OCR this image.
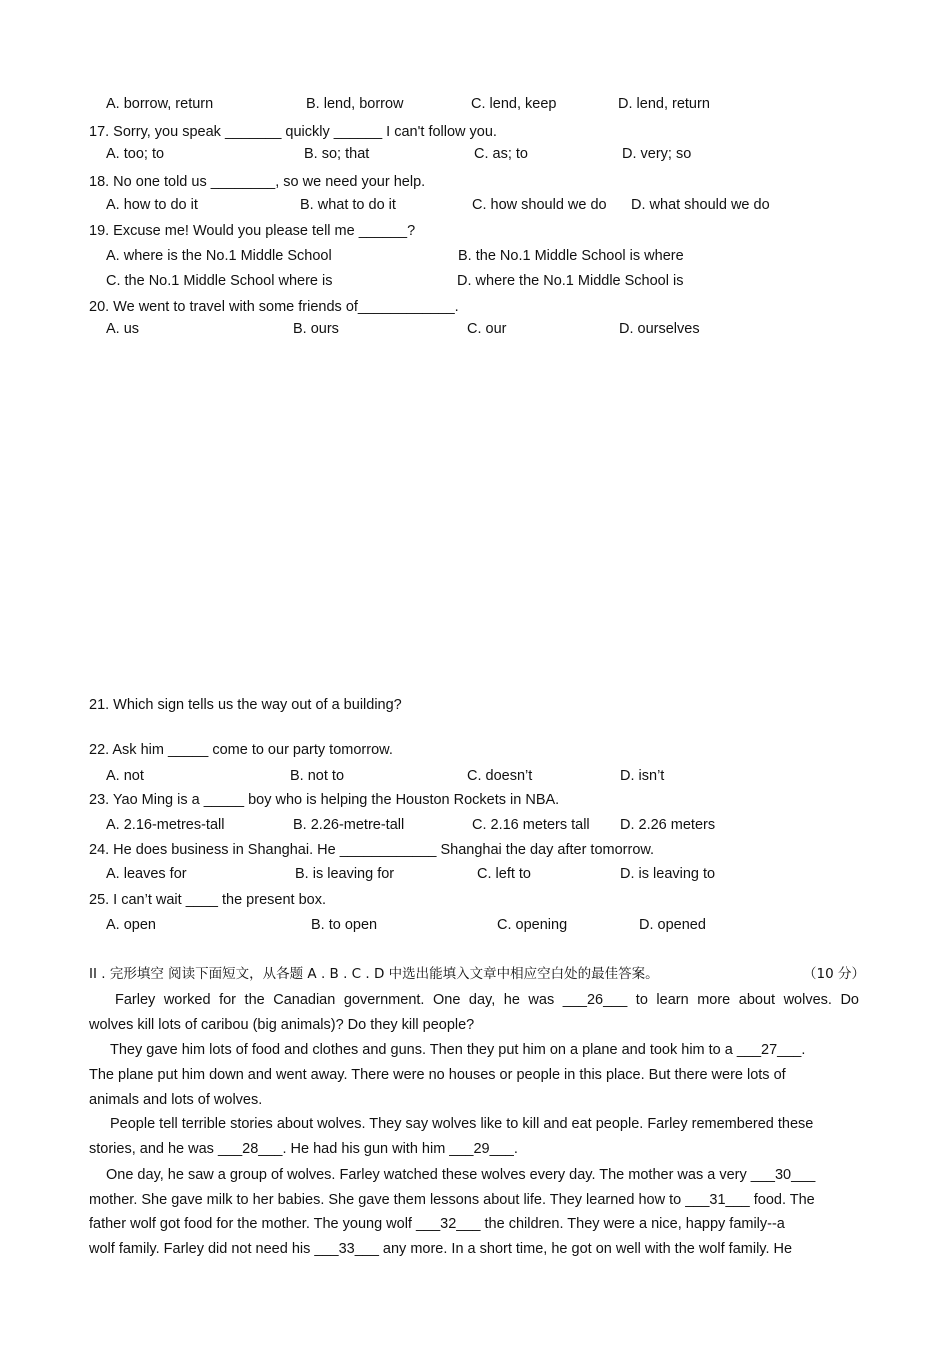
A. borrow, return	B. lend, borrow	C. lend, keep	D. lend, return
17. Sorry, you speak _______ quickly ______ I can't follow you.
A. too; to	B. so; that	C. as; to	D. very; so
18. No one told us ________, so we need your help.
A. how to do it	B. what to do it	C. how should we do D. what should we do
19. Excuse me! Would you please tell me ______?
A. where is the No.1 Middle School	B. the No.1 Middle School is where
C. the No.1 Middle School where is	D. where the No.1 Middle School is
20. We went to travel with some friends of____________.
A. us	B. ours	C. our	D. ourselves
21. Which sign tells us the way out of a building?
22. Ask him _____ come to our party tomorrow.
A. not	B. not to	C. doesn’t	D. isn’t
23. Yao Ming is a _____ boy who is helping the Houston Rockets in NBA.
A. 2.16-metres-tall	B. 2.26-metre-tall	C. 2.16 meters tall D. 2.26 meters
24. He does business in Shanghai. He ____________ Shanghai the day after tomorrow.
A. leaves for	B. is leaving for	C. left to	D. is leaving to
25. I can’t wait ____ the present box.
A. open	B. to open	C. opening	D. opened
II . 完形填空 阅读下面短文，从各题 A . B . C . D 中选出能填入文章中相应空白处的最佳答案。	（10 分）
Farley worked for the Canadian government. One day, he was ___26___ to learn more about wolves. Do
wolves kill lots of caribou (big animals)? Do they kill people?
They gave him lots of food and clothes and guns. Then they put him on a plane and took him to a ___27___.
The plane put him down and went away. There were no houses or people in this place. But there were lots of
animals and lots of wolves.
People tell terrible stories about wolves. They say wolves like to kill and eat people. Farley remembered these
stories, and he was ___28___. He had his gun with him ___29___.
One day, he saw a group of wolves. Farley watched these wolves every day. The mother was a very ___30___
mother. She gave milk to her babies. She gave them lessons about life. They learned how to ___31___ food. The
father wolf got food for the mother. The young wolf ___32___ the children. They were a nice, happy family--a
wolf family. Farley did not need his ___33___ any more. In a short time, he got on well with the wolf family. He
